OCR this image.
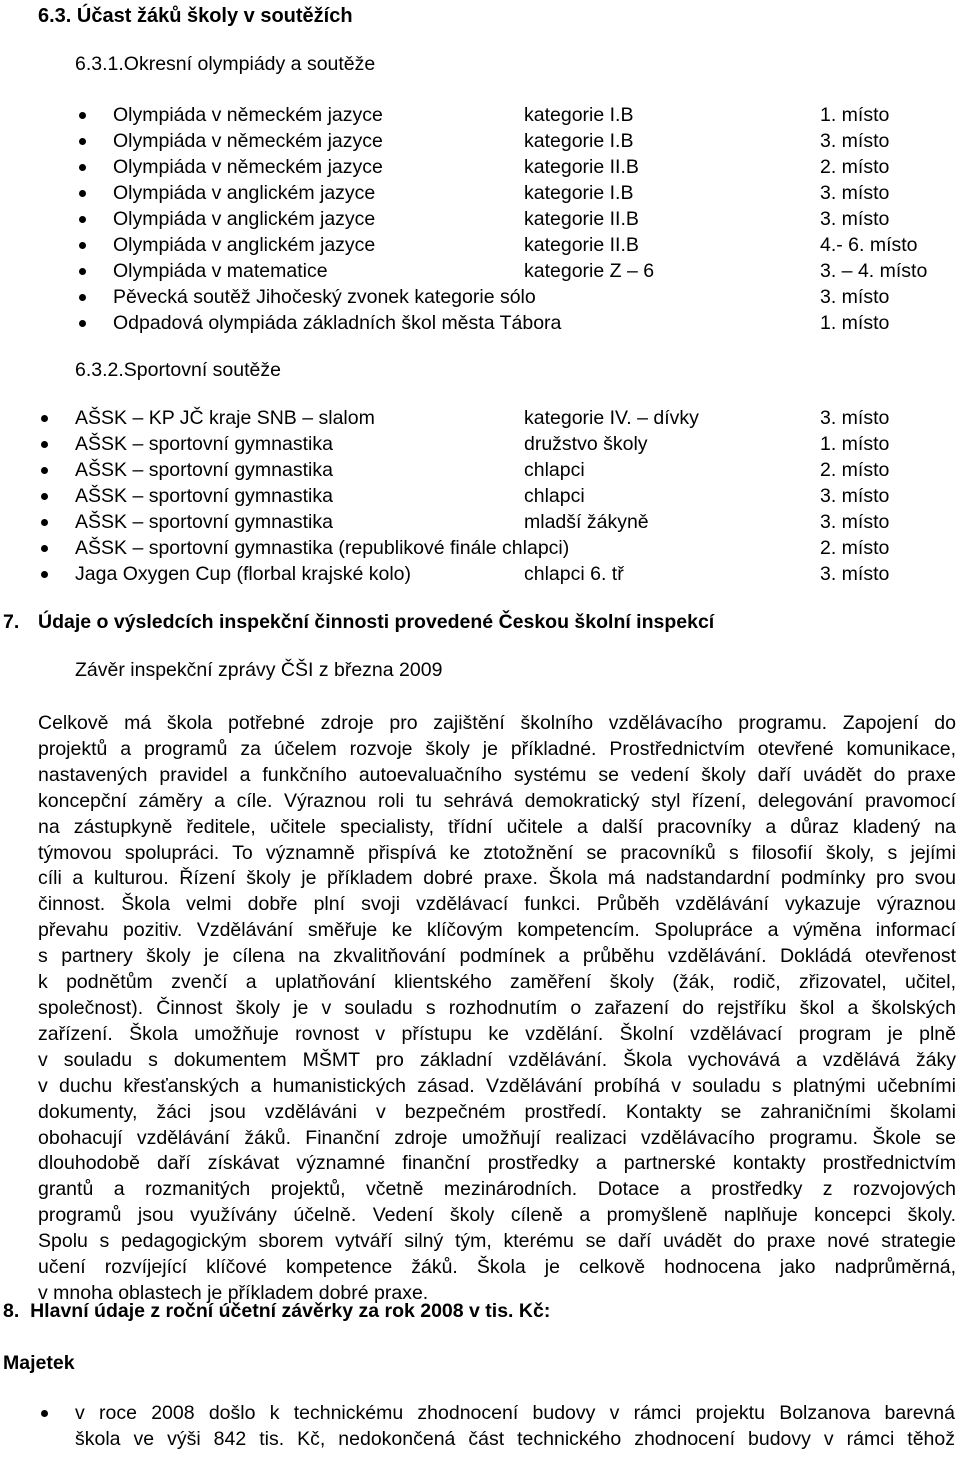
6.3. Účast žáků školy v soutěžích
6.3.1.Okresní olympiády a soutěže
Olympiáda v německém jazyce	kategorie I.B	1. místo
Olympiáda v německém jazyce	kategorie I.B	3. místo
Olympiáda v německém jazyce	kategorie II.B	2. místo
Olympiáda v anglickém jazyce	kategorie I.B	3. místo
Olympiáda v anglickém jazyce	kategorie II.B	3. místo
Olympiáda v anglickém jazyce	kategorie II.B	4.- 6. místo
Olympiáda v matematice	kategorie Z – 6	3. – 4. místo
Pěvecká soutěž Jihočeský zvonek kategorie sólo	3. místo
Odpadová olympiáda základních škol města Tábora	1. místo
6.3.2.Sportovní soutěže
AŠSK – KP JČ kraje SNB – slalom	kategorie IV. – dívky	3. místo
AŠSK – sportovní gymnastika	družstvo školy	1. místo
AŠSK – sportovní gymnastika	chlapci	2. místo
AŠSK – sportovní gymnastika	chlapci	3. místo
AŠSK – sportovní gymnastika	mladší žákyně	3. místo
AŠSK – sportovní gymnastika (republikové finále chlapci)	2. místo
Jaga Oxygen Cup (florbal krajské kolo)	chlapci 6. tř	3. místo
7. Údaje o výsledcích inspekční činnosti provedené Českou školní inspekcí
Závěr inspekční zprávy ČŠI z března 2009
Celkově má škola potřebné zdroje pro zajištění školního vzdělávacího programu. Zapojení do
projektů a programů za účelem rozvoje školy je příkladné. Prostřednictvím otevřené komunikace,
nastavených pravidel a funkčního autoevaluačního systému se vedení školy daří uvádět do praxe
koncepční záměry a cíle. Výraznou roli tu sehrává demokratický styl řízení, delegování pravomocí
na zástupkyně ředitele, učitele specialisty, třídní učitele a další pracovníky a důraz kladený na
týmovou spolupráci. To významně přispívá ke ztotožnění se pracovníků s filosofií školy, s jejími
cíli a kulturou. Řízení školy je příkladem dobré praxe. Škola má nadstandardní podmínky pro svou
činnost. Škola velmi dobře plní svoji vzdělávací funkci. Průběh vzdělávání vykazuje výraznou
převahu pozitiv. Vzdělávání směřuje ke klíčovým kompetencím. Spolupráce a výměna informací
s partnery školy je cílena na zkvalitňování podmínek a průběhu vzdělávání. Dokládá otevřenost
k podnětům zvenčí a uplatňování klientského zaměření školy (žák, rodič, zřizovatel, učitel,
společnost). Činnost školy je v souladu s rozhodnutím o zařazení do rejstříku škol a školských
zařízení. Škola umožňuje rovnost v přístupu ke vzdělání. Školní vzdělávací program je plně
v souladu s dokumentem MŠMT pro základní vzdělávání. Škola vychovává a vzdělává žáky
v duchu křesťanských a humanistických zásad. Vzdělávání probíhá v souladu s platnými učebními
dokumenty, žáci jsou vzděláváni v bezpečném prostředí. Kontakty se zahraničními školami
obohacují vzdělávání žáků. Finanční zdroje umožňují realizaci vzdělávacího programu. Škole se
dlouhodobě daří získávat významné finanční prostředky a partnerské kontakty prostřednictvím
grantů a rozmanitých projektů, včetně mezinárodních. Dotace a prostředky z rozvojových
programů jsou využívány účelně. Vedení školy cíleně a promyšleně naplňuje koncepci školy.
Spolu s pedagogickým sborem vytváří silný tým, kterému se daří uvádět do praxe nové strategie
učení rozvíjející klíčové kompetence žáků. Škola je celkově hodnocena jako nadprůměrná,
v mnoha oblastech je příkladem dobré praxe.
8.  Hlavní údaje z roční účetní závěrky za rok 2008 v tis. Kč:
Majetek
v roce 2008 došlo k technickému zhodnocení budovy v rámci projektu Bolzanova barevná
škola ve výši 842 tis. Kč, nedokončená část technického zhodnocení budovy v rámci těhož
